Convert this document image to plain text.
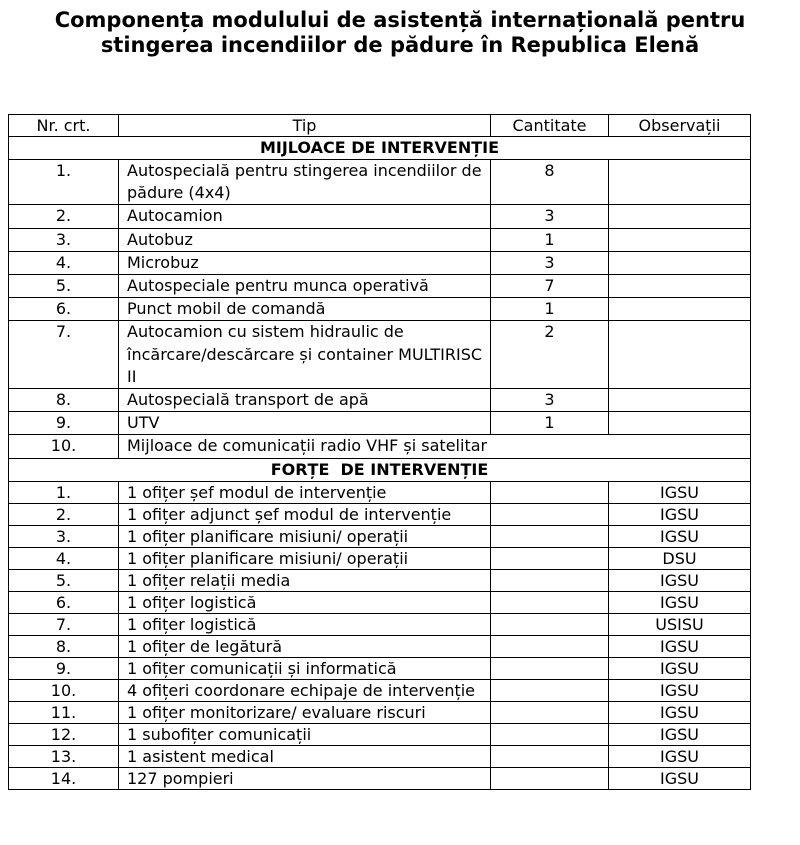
Componența modulului de asistență internațională pentru
stingerea incendiilor de pădure în Republica Elenă
Nr. crt.	Tip	Cantitate	Observații
MIJLOACE DE INTERVENȚIE			
1.	Autospecială pentru stingerea incendiilor de pădure (4x4)	8	
2.	Autocamion	3	
3.	Autobuz	1	
4.	Microbuz	3	
5.	Autospeciale pentru munca operativă	7	
6.	Punct mobil de comandă	1	
7.	Autocamion cu sistem hidraulic de încărcare/descărcare și container MULTIRISC II	2	
8.	Autospecială transport de apă	3	
9.	UTV	1	
10.	Mijloace de comunicații radio VHF și satelitar		
FORȚE  DE INTERVENȚIE			
1.	1 ofițer șef modul de intervenție		IGSU
2.	1 ofițer adjunct șef modul de intervenție		IGSU
3.	1 ofițer planificare misiuni/ operații		IGSU
4.	1 ofițer planificare misiuni/ operații		DSU
5.	1 ofițer relații media		IGSU
6.	1 ofițer logistică		IGSU
7.	1 ofițer logistică		USISU
8.	1 ofițer de legătură		IGSU
9.	1 ofițer comunicații și informatică		IGSU
10.	4 ofițeri coordonare echipaje de intervenție		IGSU
11.	1 ofițer monitorizare/ evaluare riscuri		IGSU
12.	1 subofițer comunicații		IGSU
13.	1 asistent medical		IGSU
14.	127 pompieri		IGSU
